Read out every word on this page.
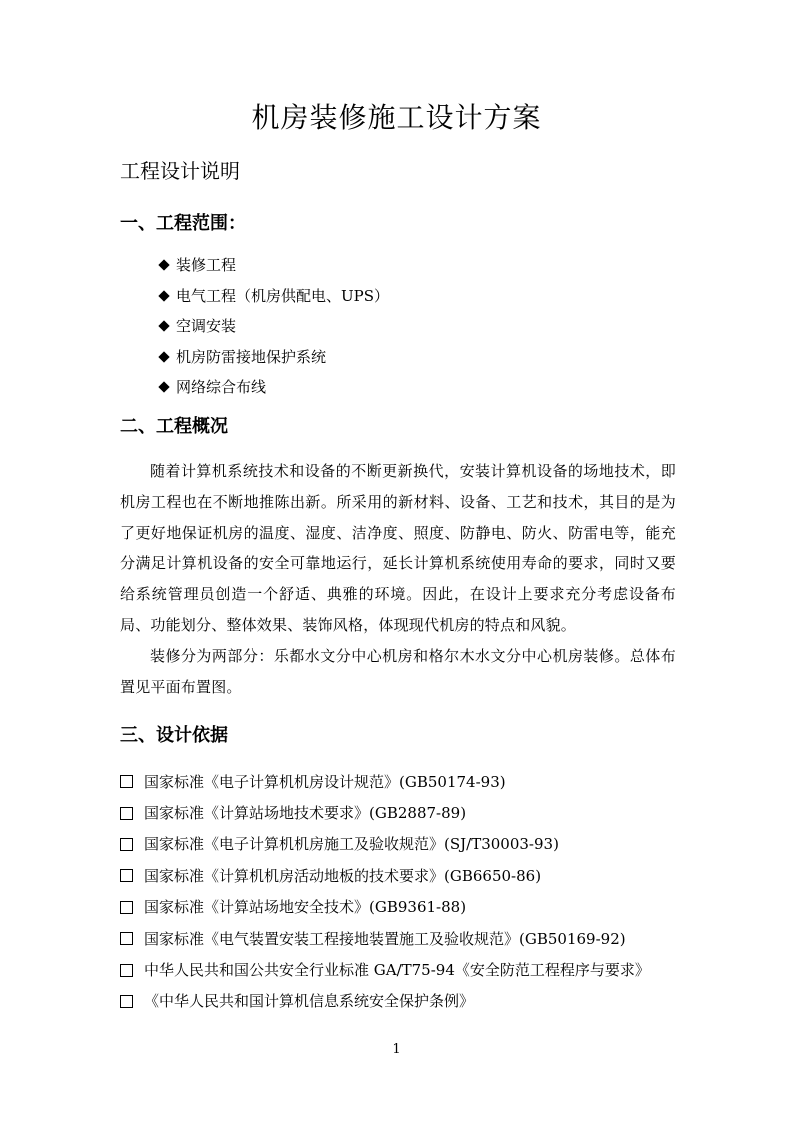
机房装修施工设计方案
工程设计说明
一、工程范围：
装修工程
电气工程（机房供配电、UPS）
空调安装
机房防雷接地保护系统
网络综合布线
二、工程概况

随着计算机系统技术和设备的不断更新换代，安装计算机设备的场地技术，即机房工程也在不断地推陈出新。所采用的新材料、设备、工艺和技术，其目的是为了更好地保证机房的温度、湿度、洁净度、照度、防静电、防火、防雷电等，能充分满足计算机设备的安全可靠地运行，延长计算机系统使用寿命的要求，同时又要给系统管理员创造一个舒适、典雅的环境。因此，在设计上要求充分考虑设备布局、功能划分、整体效果、装饰风格，体现现代机房的特点和风貌。

装修分为两部分：乐都水文分中心机房和格尔木水文分中心机房装修。总体布置见平面布置图。

三、设计依据
国家标准《电子计算机机房设计规范》(GB50174-93)
国家标准《计算站场地技术要求》(GB2887-89)
国家标准《电子计算机机房施工及验收规范》(SJ/T30003-93)
国家标准《计算机机房活动地板的技术要求》(GB6650-86)
国家标准《计算站场地安全技术》(GB9361-88)
国家标准《电气装置安装工程接地装置施工及验收规范》(GB50169-92)
中华人民共和国公共安全行业标准 GA/T75-94《安全防范工程程序与要求》
《中华人民共和国计算机信息系统安全保护条例》
1
